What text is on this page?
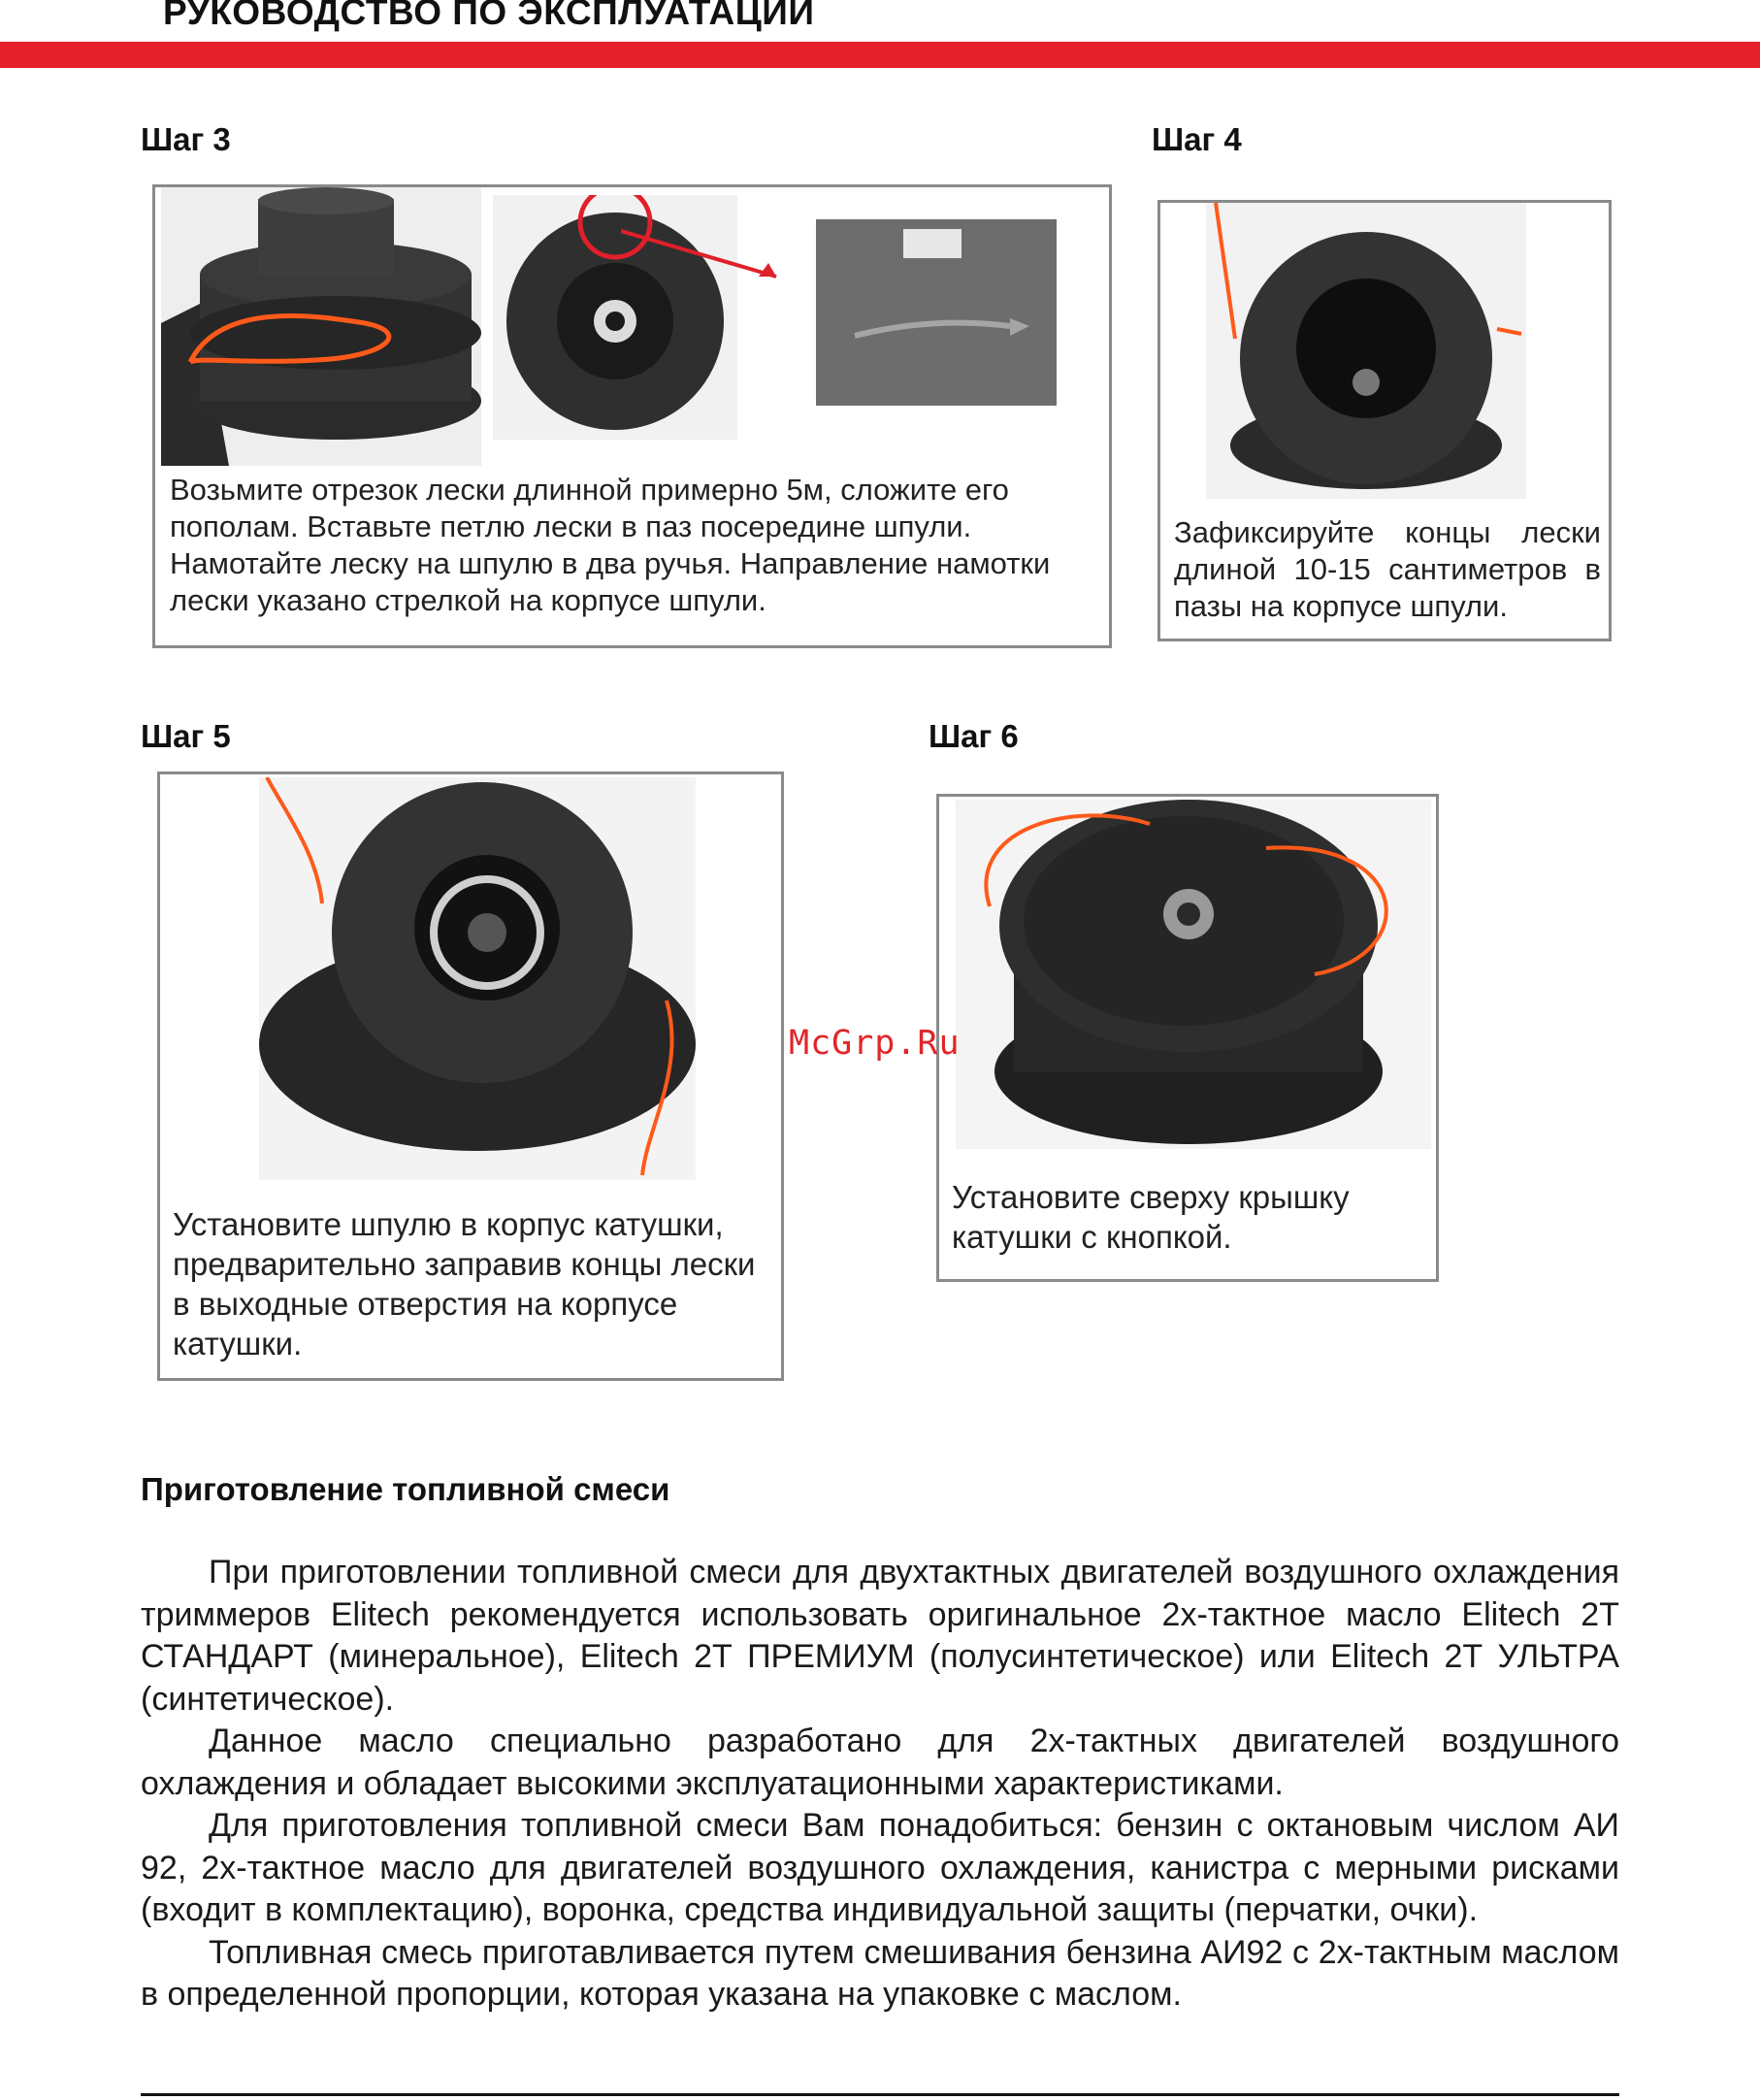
РУКОВОДСТВО ПО ЭКСПЛУАТАЦИИ
Шаг 3
Возьмите отрезок лески длинной примерно 5м, сложите его пополам. Вставьте петлю лески в паз посередине шпули. Намотайте леску на шпулю в два ручья. Направление намотки лески указано стрелкой на корпусе шпули.
Шаг 4
Зафиксируйте концы лески длиной 10-15 сантиметров в пазы на корпусе шпули.
Шаг 5
Установите шпулю в корпус катушки, предварительно заправив концы лески в выходные отверстия на корпусе катушки.
Шаг 6
Установите сверху крышку катушки с кнопкой.
McGrp.Ru
Приготовление топливной смеси

При приготовлении топливной смеси для двухтактных двигателей воздушного охлаждения триммеров Elitech рекомендуется использовать оригинальное 2х-тактное масло Elitech 2Т СТАНДАРТ (минеральное), Elitech 2Т ПРЕМИУМ (полусинтетическое) или Elitech 2Т УЛЬТРА (синтетическое).

Данное масло специально разработано для 2х-тактных двигателей воздушного охлаждения и обладает высокими эксплуатационными характеристиками.

Для приготовления топливной смеси Вам понадобиться: бензин с октановым числом АИ 92, 2х-тактное масло для двигателей воздушного охлаждения, канистра с мерными рисками (входит в комплектацию), воронка, средства индивидуальной защиты (перчатки, очки).

Топливная смесь приготавливается путем смешивания бензина АИ92 с 2х-тактным маслом в определенной пропорции, которая указана на упаковке с маслом.
